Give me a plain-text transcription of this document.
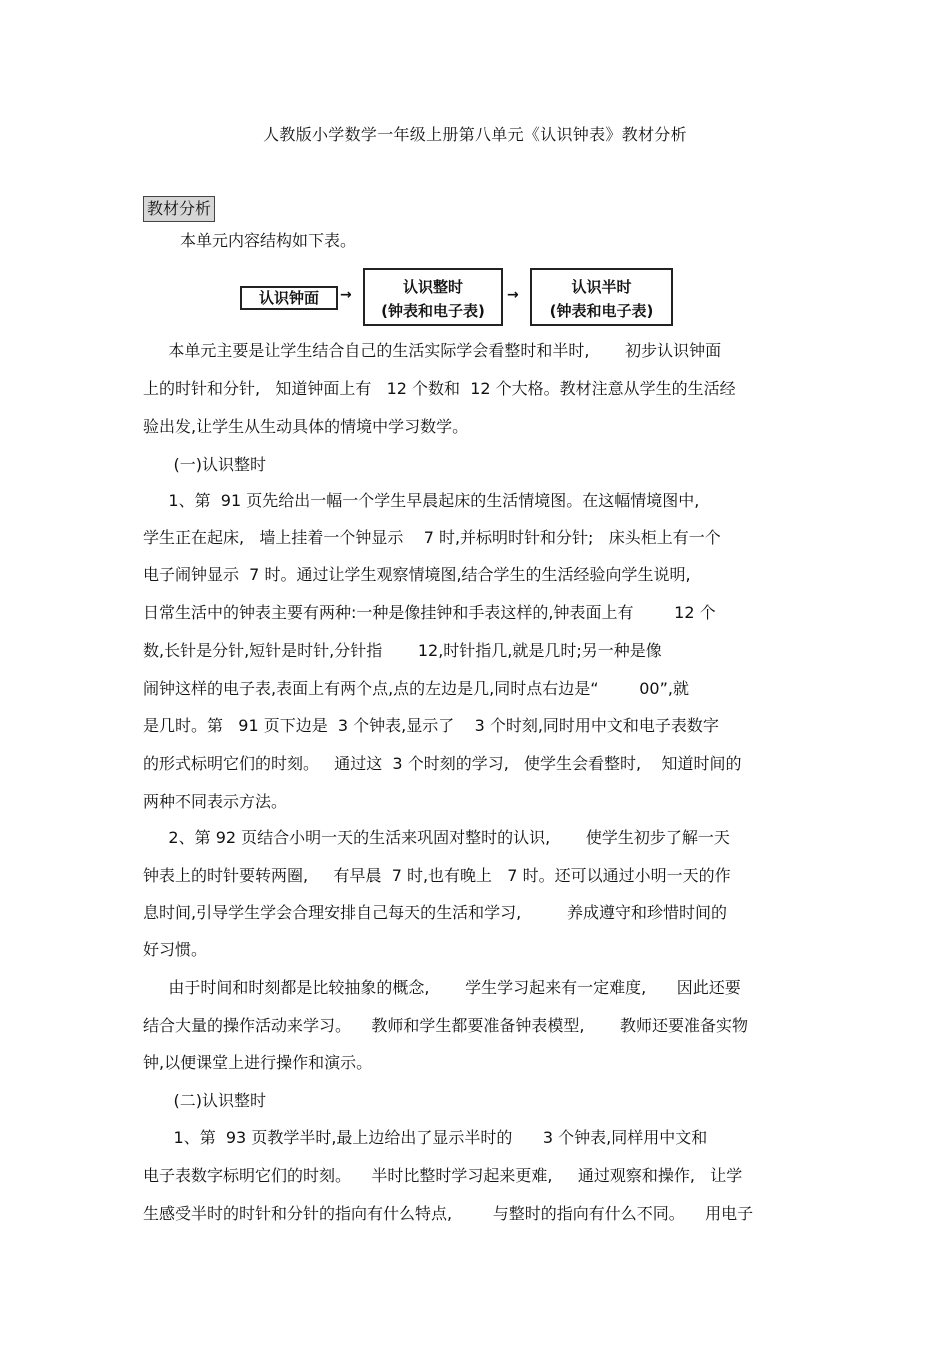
人教版小学数学一年级上册第八单元《认识钟表》教材分析
教材分析
本单元内容结构如下表。
认识钟面	→	认识整时
(钟表和电子表)
→	认识半时
(钟表和电子表)
本单元主要是让学生结合自己的生活实际学会看整时和半时,       初步认识钟面
上的时针和分针,   知道钟面上有   12 个数和  12 个大格。教材注意从学生的生活经
验出发,让学生从生动具体的情境中学习数学。
(一)认识整时
1、第  91 页先给出一幅一个学生早晨起床的生活情境图。在这幅情境图中,
学生正在起床,   墙上挂着一个钟显示    7 时,并标明时针和分针;   床头柜上有一个
电子闹钟显示  7 时。通过让学生观察情境图,结合学生的生活经验向学生说明,
日常生活中的钟表主要有两种:一种是像挂钟和手表这样的,钟表面上有        12 个
数,长针是分针,短针是时针,分针指       12,时针指几,就是几时;另一种是像
闹钟这样的电子表,表面上有两个点,点的左边是几,同时点右边是“        00”,就
是几时。第   91 页下边是  3 个钟表,显示了    3 个时刻,同时用中文和电子表数字
的形式标明它们的时刻。   通过这  3 个时刻的学习,   使学生会看整时,    知道时间的
两种不同表示方法。
2、第 92 页结合小明一天的生活来巩固对整时的认识,       使学生初步了解一天
钟表上的时针要转两圈,     有早晨  7 时,也有晚上   7 时。还可以通过小明一天的作
息时间,引导学生学会合理安排自己每天的生活和学习,         养成遵守和珍惜时间的
好习惯。
由于时间和时刻都是比较抽象的概念,       学生学习起来有一定难度,      因此还要
结合大量的操作活动来学习。    教师和学生都要准备钟表模型,       教师还要准备实物
钟,以便课堂上进行操作和演示。
(二)认识整时
1、第  93 页教学半时,最上边给出了显示半时的      3 个钟表,同样用中文和
电子表数字标明它们的时刻。    半时比整时学习起来更难,     通过观察和操作,   让学
生感受半时的时针和分针的指向有什么特点,        与整时的指向有什么不同。    用电子
